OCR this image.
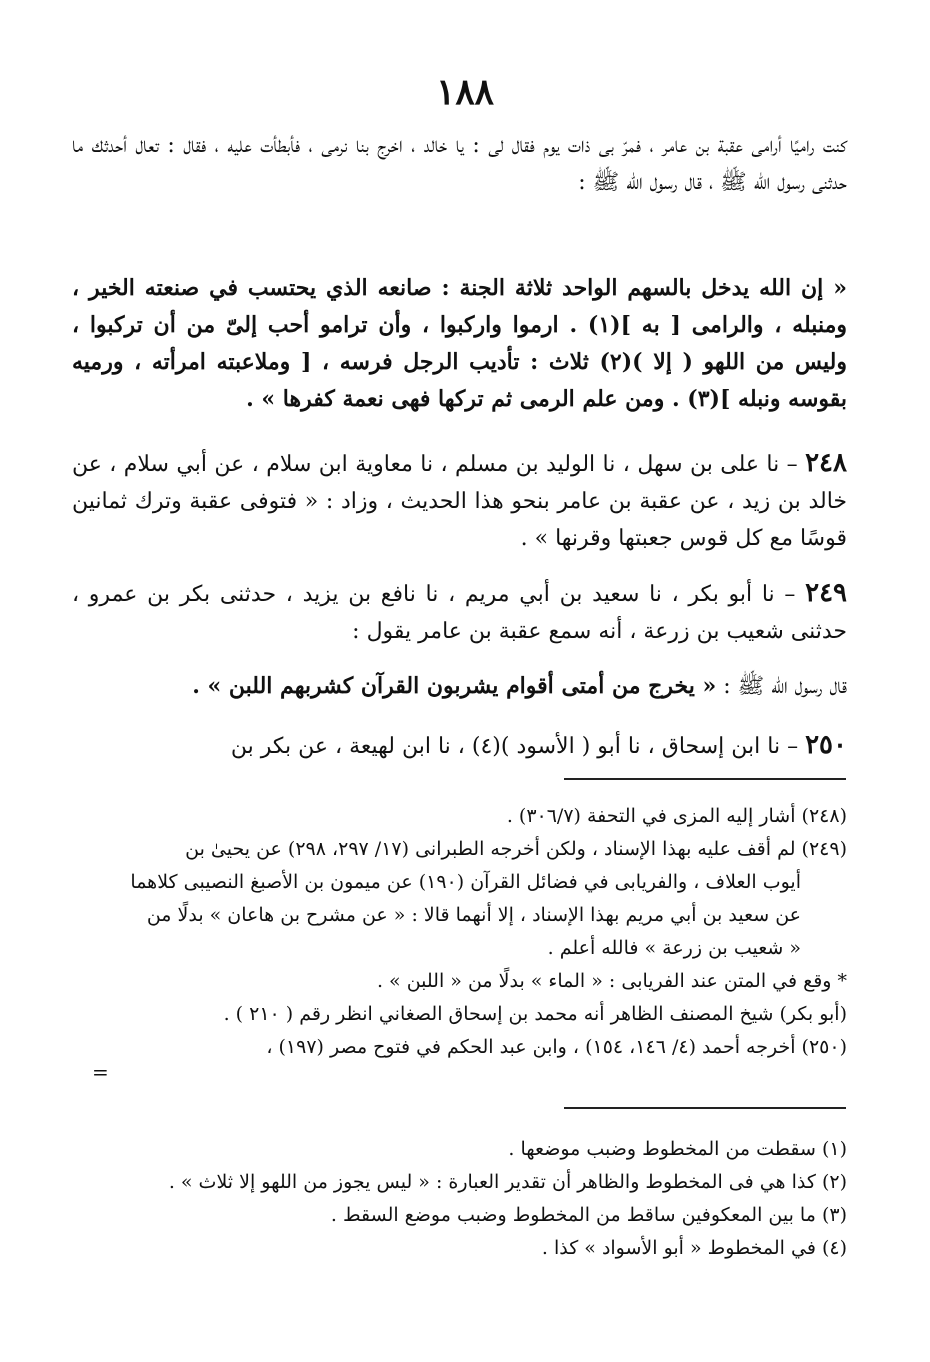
١٨٨
كنت راميًا أرامى عقبة بن عامر ، فمرّ بى ذات يوم فقال لى : يا خالد ، اخرج بنا نرمى ، فأبطأت عليه ، فقال : تعال أحدثك ما حدثنى رسول الله ﷺ ، قال رسول الله ﷺ :
« إن الله يدخل بالسهم الواحد ثلاثة الجنة : صانعه الذي يحتسب في صنعته الخير ، ومنبله ، والرامى [ به ](١) . ارموا واركبوا ، وأن ترامو أحب إلىّ من أن تركبوا ، وليس من اللهو ( إلا )(٢) ثلاث : تأديب الرجل فرسه ، [ وملاعبته امرأته ، ورميه بقوسه ونبله ](٣) . ومن علم الرمى ثم تركها فهى نعمة كفرها » .
٢٤٨ – نا على بن سهل ، نا الوليد بن مسلم ، نا معاوية ابن سلام ، عن أبي سلام ، عن خالد بن زيد ، عن عقبة بن عامر بنحو هذا الحديث ، وزاد : « فتوفى عقبة وترك ثمانين قوسًا مع كل قوس جعبتها وقرنها » .
٢٤٩ – نا أبو بكر ، نا سعيد بن أبي مريم ، نا نافع بن يزيد ، حدثنى بكر بن عمرو ، حدثنى شعيب بن زرعة ، أنه سمع عقبة بن عامر يقول :
قال رسول الله ﷺ : « يخرج من أمتى أقوام يشربون القرآن كشربهم اللبن » .
٢٥٠ – نا ابن إسحاق ، نا أبو ( الأسود )(٤) ، نا ابن لهيعة ، عن بكر بن
(٢٤٨) أشار إليه المزى في التحفة (٣٠٦/٧) .
(٢٤٩) لم أقف عليه بهذا الإسناد ، ولكن أخرجه الطبرانى (١٧/ ٢٩٧، ٢٩٨) عن يحيىٰ بن
أيوب العلاف ، والفريابى في فضائل القرآن (١٩٠) عن ميمون بن الأصبغ النصيبى كلاهما
عن سعيد بن أبي مريم بهذا الإسناد ، إلا أنهما قالا : « عن مشرح بن هاعان » بدلًا من
« شعيب بن زرعة » فالله أعلم .
* وقع في المتن عند الفريابى : « الماء » بدلًا من « اللبن » .
(أبو بكر) شيخ المصنف الظاهر أنه محمد بن إسحاق الصغاني انظر رقم ( ٢١٠ ) .
(٢٥٠) أخرجه أحمد (٤/ ١٤٦، ١٥٤) ، وابن عبد الحكم في فتوح مصر (١٩٧) ،
=
(١) سقطت من المخطوط وضبب موضعها .
(٢) كذا هي فى المخطوط والظاهر أن تقدير العبارة : « ليس يجوز من اللهو إلا ثلاث » .
(٣) ما بين المعكوفين ساقط من المخطوط وضبب موضع السقط .
(٤) في المخطوط « أبو الأسواد » كذا .
